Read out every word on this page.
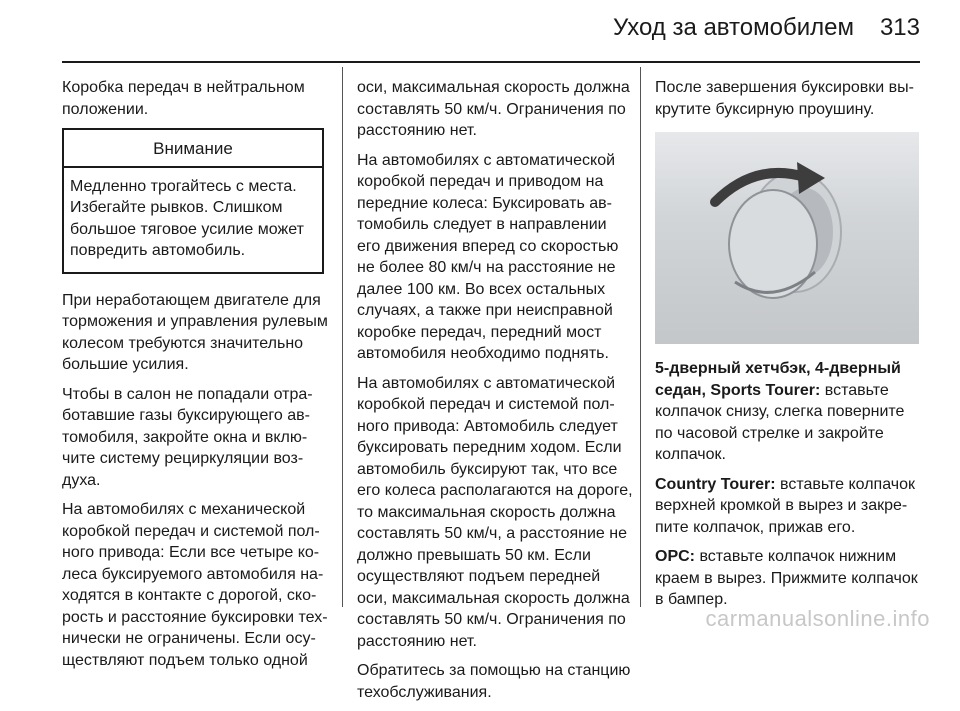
Уход за автомобилем 313

Коробка передач в нейтральном положении.

Внимание
Медленно трогайтесь с места. Избегайте рывков. Слишком большое тяговое усилие может повредить автомобиль.

При неработающем двигателе для торможения и управления рулевым колесом требуются значительно большие усилия.

Чтобы в салон не попадали отработавшие газы буксирующего автомобиля, закройте окна и включите систему рециркуляции воздуха.

На автомобилях с механической коробкой передач и системой полного привода: Если все четыре колеса буксируемого автомобиля находятся в контакте с дорогой, скорость и расстояние буксировки технически не ограничены. Если осуществляют подъем только одной

оси, максимальная скорость должна составлять 50 км/ч. Ограничения по расстоянию нет.

На автомобилях с автоматической коробкой передач и приводом на передние колеса: Буксировать автомобиль следует в направлении его движения вперед со скоростью не более 80 км/ч на расстояние не далее 100 км. Во всех остальных случаях, а также при неисправной коробке передач, передний мост автомобиля необходимо поднять.

На автомобилях с автоматической коробкой передач и системой полного привода: Автомобиль следует буксировать передним ходом. Если автомобиль буксируют так, что все его колеса располагаются на дороге, то максимальная скорость должна составлять 50 км/ч, а расстояние не должно превышать 50 км. Если осуществляют подъем передней оси, максимальная скорость должна составлять 50 км/ч. Ограничения по расстоянию нет.

Обратитесь за помощью на станцию техобслуживания.

После завершения буксировки выкрутите буксирную проушину.

5-дверный хетчбэк, 4-дверный седан, Sports Tourer: вставьте колпачок снизу, слегка поверните по часовой стрелке и закройте колпачок.

Country Tourer: вставьте колпачок верхней кромкой в вырез и закрепите колпачок, прижав его.

OPC: вставьте колпачок нижним краем в вырез. Прижмите колпачок в бампер.

carmanualsonline.info
